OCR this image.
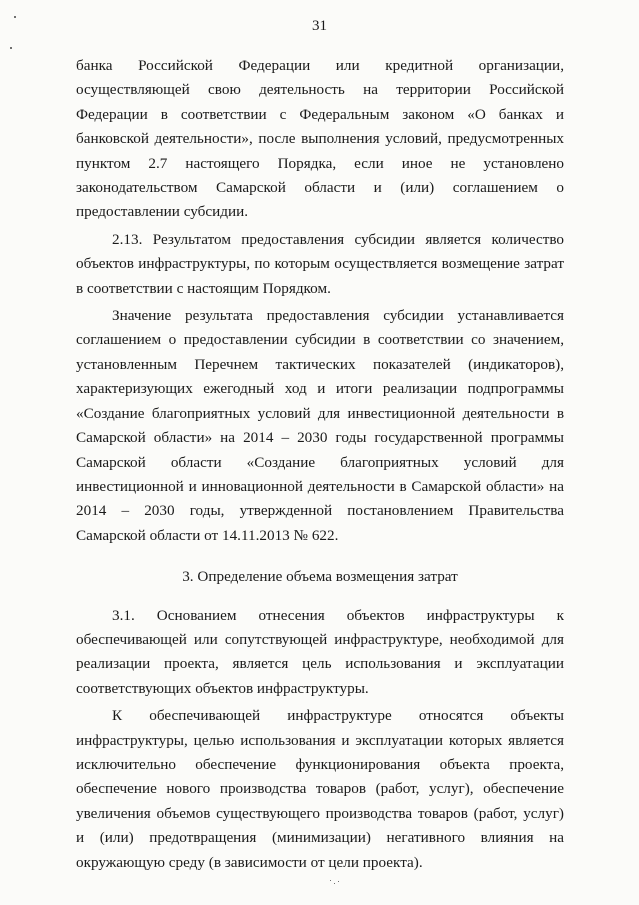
31

банка Российской Федерации или кредитной организации, осуществляющей свою деятельность на территории Российской Федерации в соответствии с Федеральным законом «О банках и банковской деятельности», после выполнения условий, предусмотренных пунктом 2.7 настоящего Порядка, если иное не установлено законодательством Самарской области и (или) соглашением о предоставлении субсидии.

2.13. Результатом предоставления субсидии является количество объектов инфраструктуры, по которым осуществляется возмещение затрат в соответствии с настоящим Порядком.

Значение результата предоставления субсидии устанавливается соглашением о предоставлении субсидии в соответствии со значением, установленным Перечнем тактических показателей (индикаторов), характеризующих ежегодный ход и итоги реализации подпрограммы «Создание благоприятных условий для инвестиционной деятельности в Самарской области» на 2014 – 2030 годы государственной программы Самарской области «Создание благоприятных условий для инвестиционной и инновационной деятельности в Самарской области» на 2014 – 2030 годы, утвержденной постановлением Правительства Самарской области от 14.11.2013 № 622.

3. Определение объема возмещения затрат

3.1. Основанием отнесения объектов инфраструктуры к обеспечивающей или сопутствующей инфраструктуре, необходимой для реализации проекта, является цель использования и эксплуатации соответствующих объектов инфраструктуры.

К обеспечивающей инфраструктуре относятся объекты инфраструктуры, целью использования и эксплуатации которых является исключительно обеспечение функционирования объекта проекта, обеспечение нового производства товаров (работ, услуг), обеспечение увеличения объемов существующего производства товаров (работ, услуг) и (или) предотвращения (минимизации) негативного влияния на окружающую среду (в зависимости от цели проекта).
